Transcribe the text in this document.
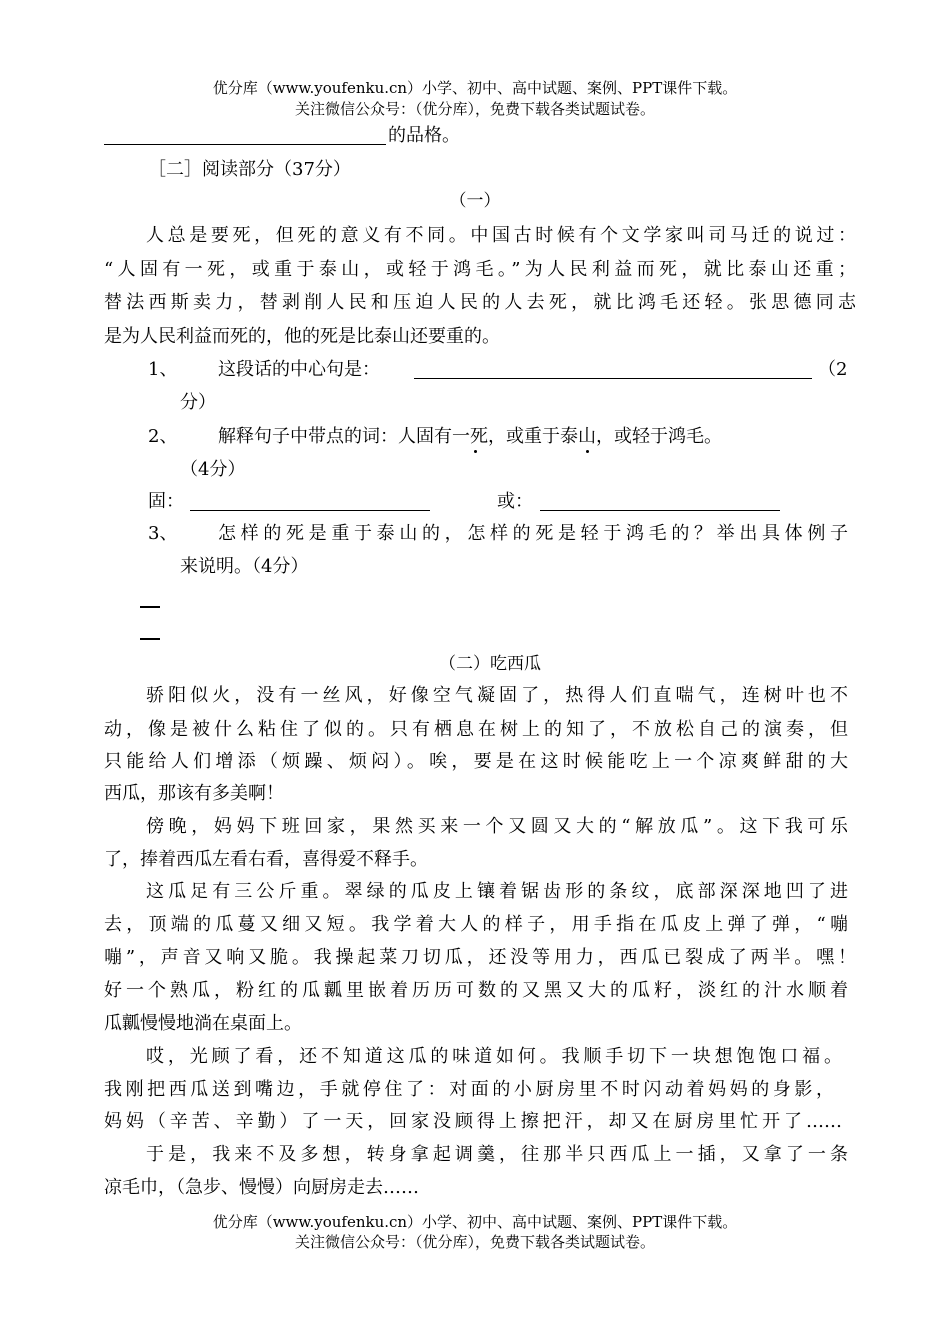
优分库（www.youfenku.cn）小学、初中、高中试题、案例、PPT课件下载。
关注微信公众号：（优分库），免费下载各类试题试卷。
的品格。
［二］阅读部分（37分）
（一）
人总是要死，但死的意义有不同。中国古时候有个文学家叫司马迁的说过：
“人固有一死，或重于泰山，或轻于鸿毛。”为人民利益而死，就比泰山还重；
替法西斯卖力，替剥削人民和压迫人民的人去死，就比鸿毛还轻。张思德同志
是为人民利益而死的，他的死是比泰山还要重的。
1、 这段话的中心句是：	（2
分）
2、 解释句子中带点的词：人固有一死，或重于泰山，或轻于鸿毛。
（4分）
固：	或：
3、 怎样的死是重于泰山的，怎样的死是轻于鸿毛的？举出具体例子
来说明。（4分）
（二）吃西瓜
骄阳似火，没有一丝风，好像空气凝固了，热得人们直喘气，连树叶也不
动，像是被什么粘住了似的。只有栖息在树上的知了，不放松自己的演奏，但
只能给人们增添（烦躁、烦闷）。唉，要是在这时候能吃上一个凉爽鲜甜的大
西瓜，那该有多美啊！
傍晚，妈妈下班回家，果然买来一个又圆又大的“解放瓜”。这下我可乐
了，捧着西瓜左看右看，喜得爱不释手。
这瓜足有三公斤重。翠绿的瓜皮上镶着锯齿形的条纹，底部深深地凹了进
去，顶端的瓜蔓又细又短。我学着大人的样子，用手指在瓜皮上弹了弹，“嘣
嘣”，声音又响又脆。我操起菜刀切瓜，还没等用力，西瓜已裂成了两半。嘿！
好一个熟瓜，粉红的瓜瓤里嵌着历历可数的又黑又大的瓜籽，淡红的汁水顺着
瓜瓤慢慢地淌在桌面上。
哎，光顾了看，还不知道这瓜的味道如何。我顺手切下一块想饱饱口福。
我刚把西瓜送到嘴边，手就停住了：对面的小厨房里不时闪动着妈妈的身影，
妈妈（辛苦、辛勤）了一天，回家没顾得上擦把汗，却又在厨房里忙开了……
于是，我来不及多想，转身拿起调羹，往那半只西瓜上一插，又拿了一条
凉毛巾，（急步、慢慢）向厨房走去……
优分库（www.youfenku.cn）小学、初中、高中试题、案例、PPT课件下载。
关注微信公众号：（优分库），免费下载各类试题试卷。
